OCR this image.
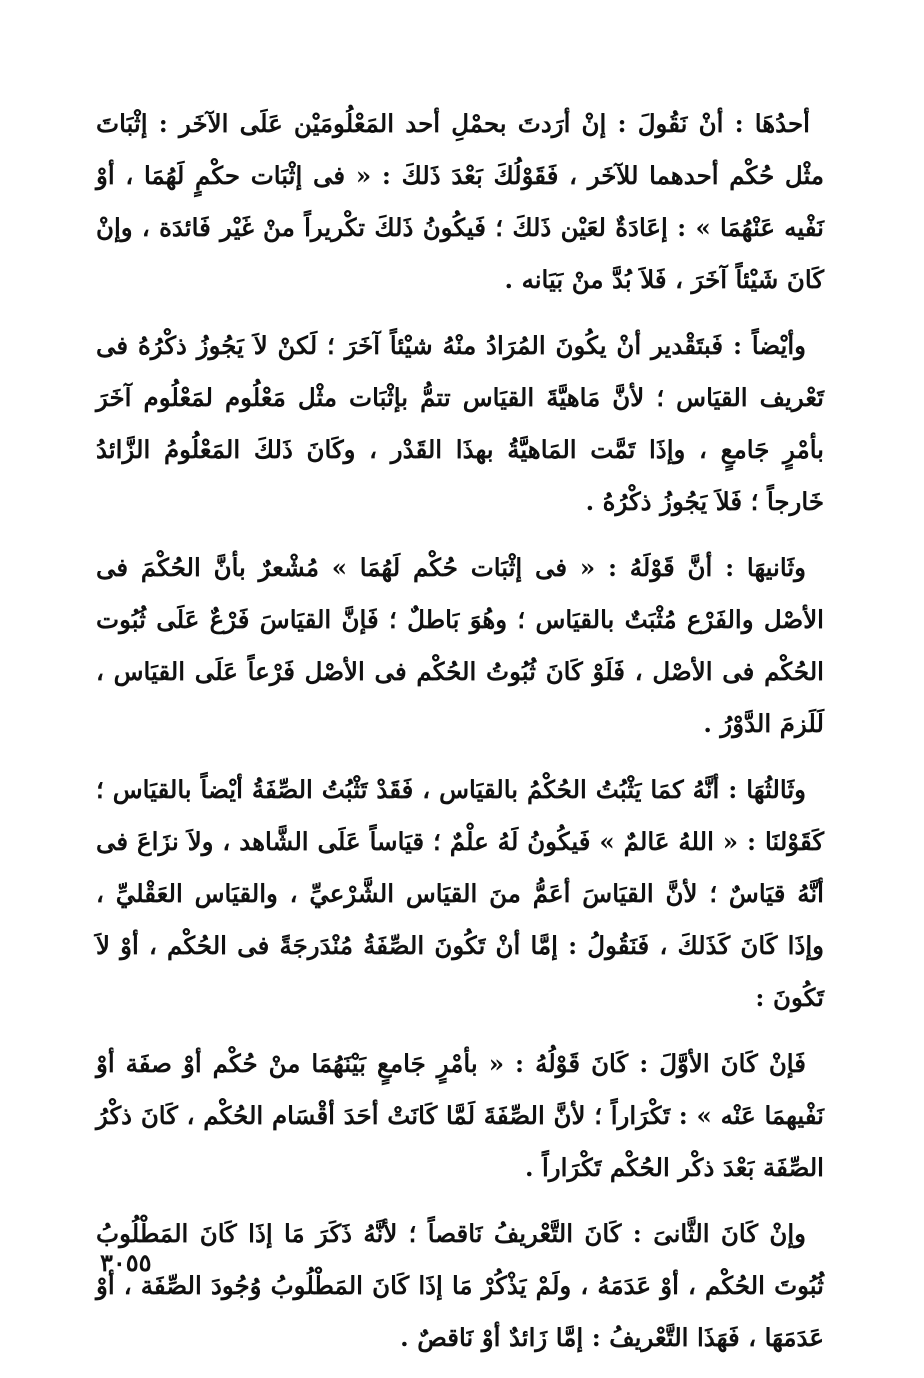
أحدُهَا : أنْ نَقُولَ : إنْ أرَدتَ بحمْلِ أحد المَعْلُومَيْن عَلَى الآخَر : إثْبَاتَ مثْل حُكْم أحدهما للآخَر ، فَقَوْلُكَ بَعْدَ ذَلكَ : « فى إثْبَات حكْمٍ لَهُمَا ، أوْ نَفْيه عَنْهُمَا » : إعَادَةٌ لعَيْن ذَلكَ ؛ فَيكُونُ ذَلكَ تكْريراً منْ غَيْر فَائدَة ، وإنْ كَانَ شَيْئاً آخَرَ ، فَلاَ بُدَّ منْ بَيَانه .

وأيْضاً : فَبتَقْدير أنْ يكُونَ المُرَادُ منْهُ شيْئاً آخَرَ ؛ لَكنْ لاَ يَجُوزُ ذكْرُهُ فى تَعْريف القيَاس ؛ لأنَّ مَاهيَّةَ القيَاس تتمُّ بإثْبَات مثْل مَعْلُوم لمَعْلُوم آخَرَ بأمْرٍ جَامعٍ ، وإذَا تَمَّت المَاهيَّةُ بهذَا القَدْر ، وكَانَ ذَلكَ المَعْلُومُ الزَّائدُ خَارجاً ؛ فَلاَ يَجُوزُ ذكْرُهُ .

وثَانيهَا : أنَّ قَوْلَهُ : « فى إثْبَات حُكْم لَهُمَا » مُشْعرٌ بأنَّ الحُكْمَ فى الأصْل والفَرْع مُثْبَتٌ بالقيَاس ؛ وهُوَ بَاطلٌ ؛ فَإنَّ القيَاسَ فَرْعٌ عَلَى ثُبُوت الحُكْم فى الأصْل ، فَلَوْ كَانَ ثُبُوتُ الحُكْم فى الأصْل فَرْعاً عَلَى القيَاس ، لَلَزمَ الدَّوْرُ .

وثَالثُهَا : أنَّهُ كمَا يَثْبُتُ الحُكْمُ بالقيَاس ، فَقَدْ تَثْبُتُ الصِّفَةُ أيْضاً بالقيَاس ؛ كَقَوْلنَا : « اللهُ عَالمٌ » فَيكُونُ لَهُ علْمٌ ؛ قيَاساً عَلَى الشَّاهد ، ولاَ نزَاعَ فى أنَّهُ قيَاسٌ ؛ لأنَّ القيَاسَ أعَمُّ منَ القيَاس الشَّرْعيِّ ، والقيَاس العَقْليِّ ، وإذَا كَانَ كَذَلكَ ، فَنَقُولُ : إمَّا أنْ تَكُونَ الصِّفَةُ مُنْدَرجَةً فى الحُكْم ، أوْ لاَ تَكُونَ :

فَإنْ كَانَ الأوَّلَ : كَانَ قَوْلُهُ : « بأمْرٍ جَامعٍ بَيْنَهُمَا منْ حُكْم أوْ صفَة أوْ نَفْيهمَا عَنْه » : تَكْرَاراً ؛ لأنَّ الصِّفَةَ لَمَّا كَانَتْ أحَدَ أقْسَام الحُكْم ، كَانَ ذكْرُ الصِّفَة بَعْدَ ذكْر الحُكْم تَكْرَاراً .

وإنْ كَانَ الثَّانىَ : كَانَ التَّعْريفُ نَاقصاً ؛ لأنَّهُ ذَكَرَ مَا إذَا كَانَ المَطْلُوبُ ثُبُوتَ الحُكْم ، أوْ عَدَمَهُ ، ولَمْ يَذْكُرْ مَا إذَا كَانَ المَطْلُوبُ وُجُودَ الصِّفَة ، أوْ عَدَمَهَا ، فَهَذَا التَّعْريفُ : إمَّا زَائدٌ أوْ نَاقصٌ .

٣٠٥٥
